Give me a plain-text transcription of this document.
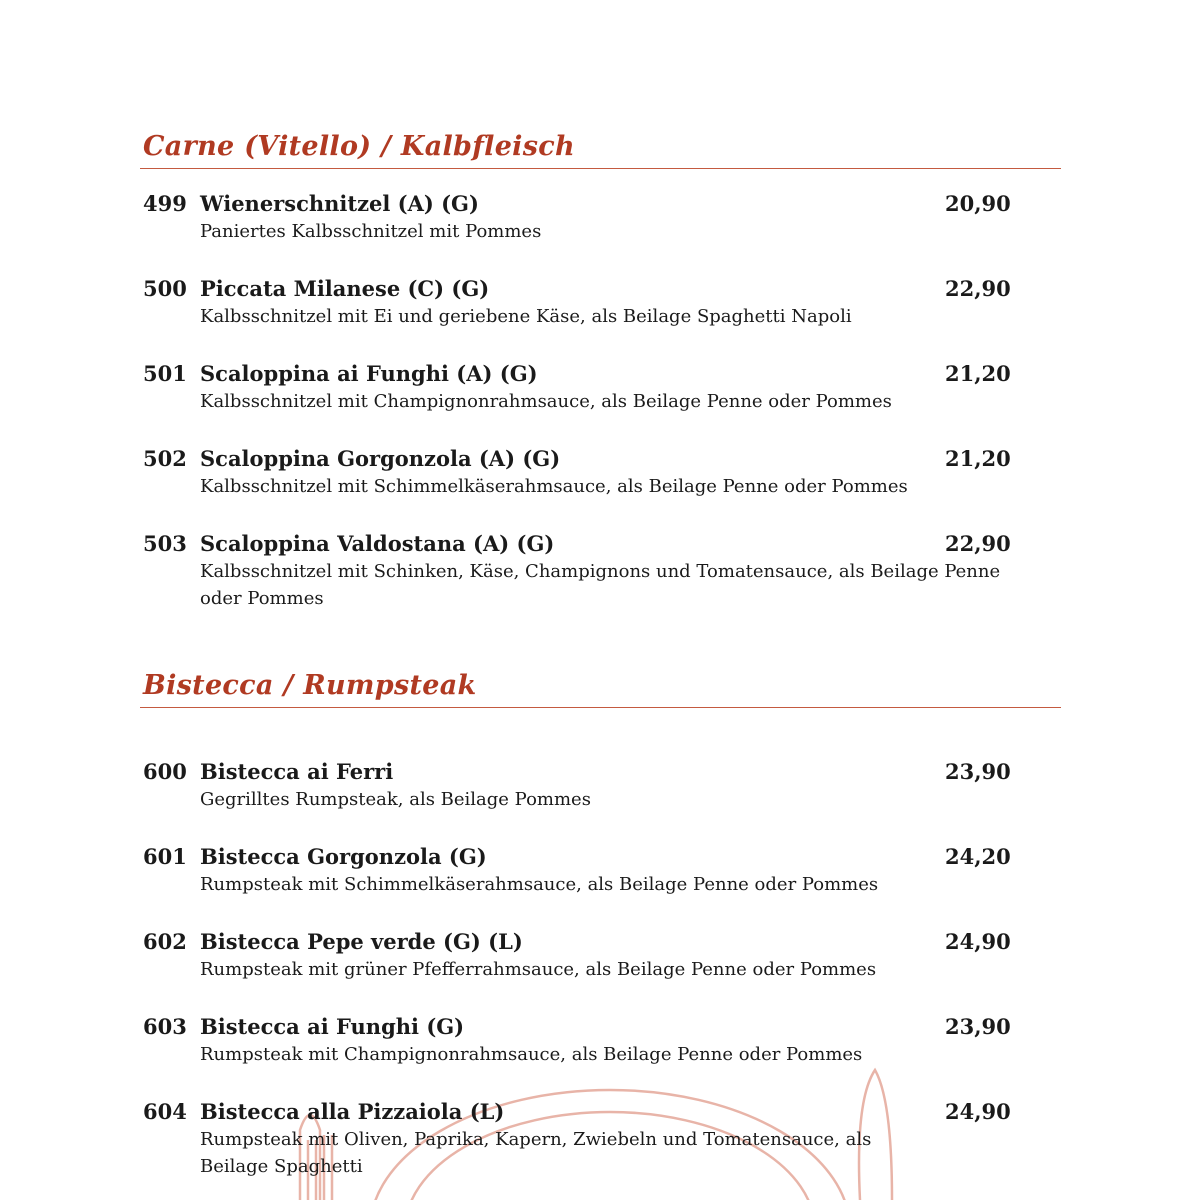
Carne (Vitello) / Kalbfleisch
499 Wienerschnitzel (A) (G)	20,90
Paniertes Kalbsschnitzel mit Pommes
500 Piccata Milanese (C) (G)	22,90
Kalbsschnitzel mit Ei und geriebene Käse, als Beilage Spaghetti Napoli
501 Scaloppina ai Funghi (A) (G)	21,20
Kalbsschnitzel mit Champignonrahmsauce, als Beilage Penne oder Pommes
502 Scaloppina Gorgonzola (A) (G)	21,20
Kalbsschnitzel mit Schimmelkäserahmsauce, als Beilage Penne oder Pommes
503 Scaloppina Valdostana (A) (G)	22,90
Kalbsschnitzel mit Schinken, Käse, Champignons und Tomatensauce, als Beilage Penne oder Pommes
Bistecca / Rumpsteak
600 Bistecca ai Ferri	23,90
Gegrilltes Rumpsteak, als Beilage Pommes
601 Bistecca Gorgonzola (G)	24,20
Rumpsteak mit Schimmelkäserahmsauce, als Beilage Penne oder Pommes
602 Bistecca Pepe verde (G) (L)	24,90
Rumpsteak mit grüner Pfefferrahmsauce, als Beilage Penne oder Pommes
603 Bistecca ai Funghi (G)	23,90
Rumpsteak mit Champignonrahmsauce, als Beilage Penne oder Pommes
604 Bistecca alla Pizzaiola (L)	24,90
Rumpsteak mit Oliven, Paprika, Kapern, Zwiebeln und Tomatensauce, als Beilage Spaghetti
